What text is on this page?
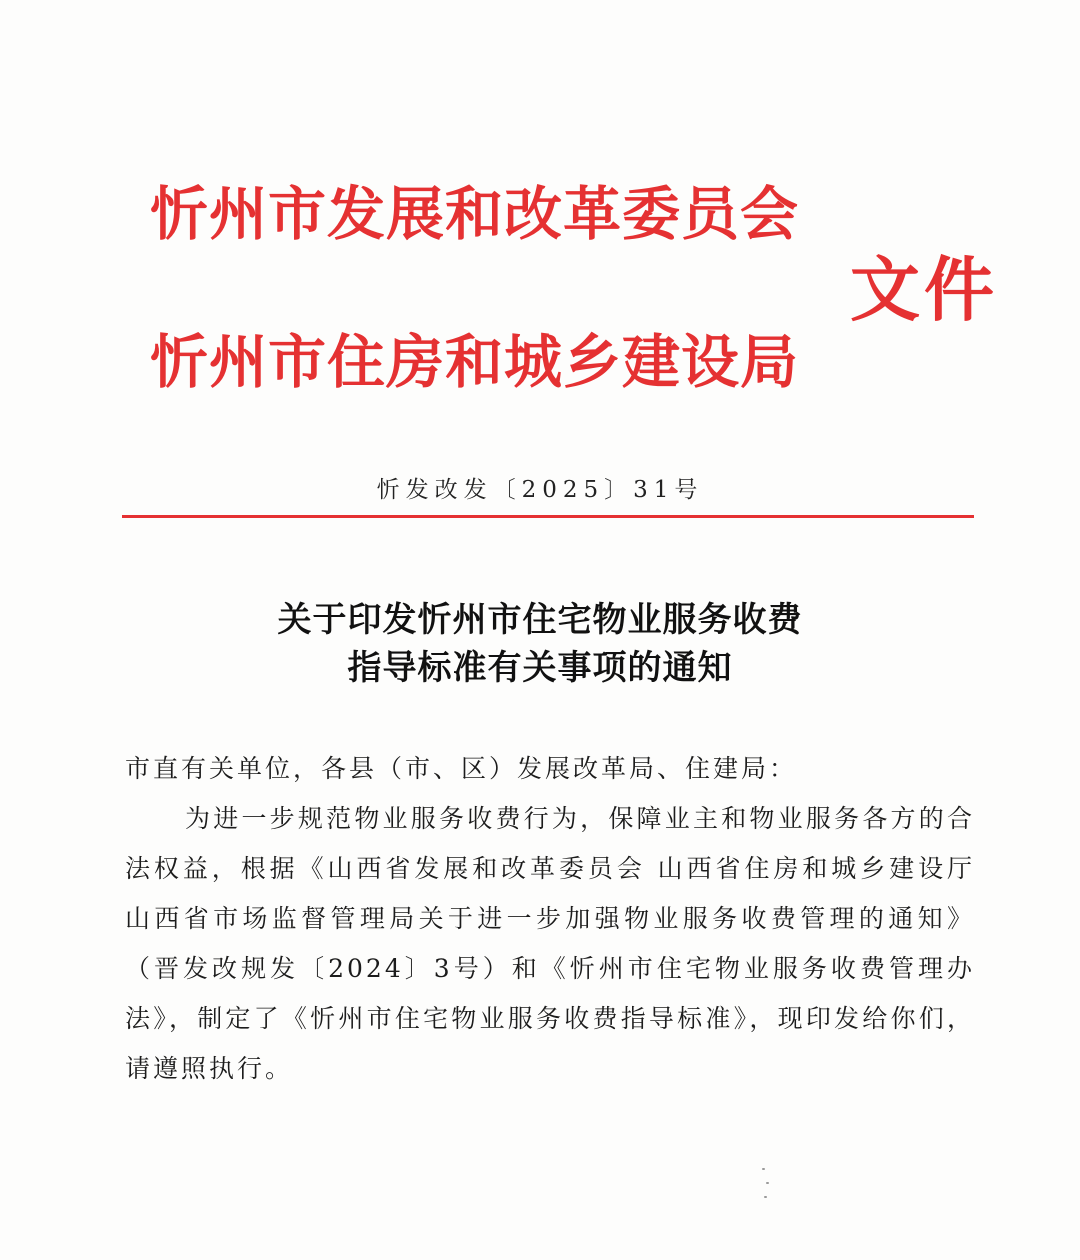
忻州市发展和改革委员会
忻州市住房和城乡建设局
文件
忻发改发〔2025〕31号
关于印发忻州市住宅物业服务收费
指导标准有关事项的通知

市直有关单位，各县（市、区）发展改革局、住建局：

为进一步规范物业服务收费行为，保障业主和物业服务各方的合法权益，根据《山西省发展和改革委员会 山西省住房和城乡建设厅 山西省市场监督管理局关于进一步加强物业服务收费管理的通知》（晋发改规发〔2024〕3号）和《忻州市住宅物业服务收费管理办法》，制定了《忻州市住宅物业服务收费指导标准》，现印发给你们，请遵照执行。
